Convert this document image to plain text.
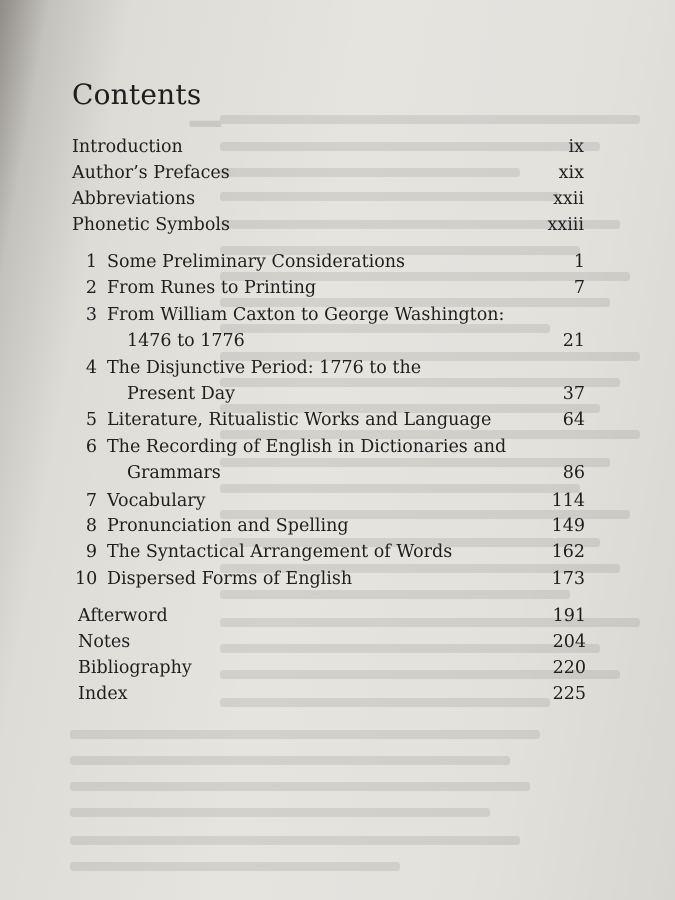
▁
Contents
Introduction	ix
Author’s Prefaces	xix
Abbreviations	xxii
Phonetic Symbols	xxiii
1 Some Preliminary Considerations	1
2 From Runes to Printing	7
3 From William Caxton to George Washington:
1476 to 1776	21
4 The Disjunctive Period: 1776 to the
Present Day	37
5 Literature, Ritualistic Works and Language	64
6 The Recording of English in Dictionaries and
Grammars	86
7 Vocabulary	114
8 Pronunciation and Spelling	149
9 The Syntactical Arrangement of Words	162
10 Dispersed Forms of English	173
Afterword	191
Notes	204
Bibliography	220
Index	225
